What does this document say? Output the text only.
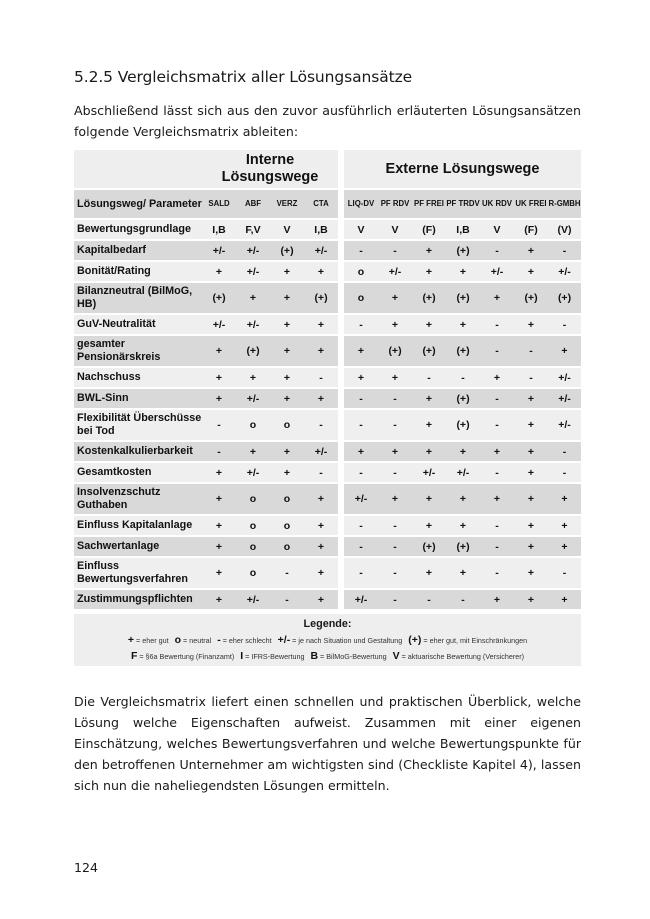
5.2.5 Vergleichsmatrix aller Lösungsansätze

Abschließend lässt sich aus den zuvor ausführlich erläuterten Lösungsansätzen folgende Vergleichsmatrix ableiten:

	Interne Lösungswege					Externe Lösungswege						
Lösungsweg/ Parameter	SALD	ABF	VERZ	CTA		LIQ-DV	PF RDV	PF FREI	PF TRDV	UK RDV	UK FREI	R-GMBH
Bewertungsgrundlage	I,B	F,V	V	I,B		V	V	(F)	I,B	V	(F)	(V)
Kapitalbedarf	+/-	+/-	(+)	+/-		-	-	+	(+)	-	+	-
Bonität/Rating	+	+/-	+	+		o	+/-	+	+	+/-	+	+/-
Bilanzneutral (BilMoG, HB)	(+)	+	+	(+)		o	+	(+)	(+)	+	(+)	(+)
GuV-Neutralität	+/-	+/-	+	+		-	+	+	+	-	+	-
gesamter Pensionärskreis	+	(+)	+	+		+	(+)	(+)	(+)	-	-	+
Nachschuss	+	+	+	-		+	+	-	-	+	-	+/-
BWL-Sinn	+	+/-	+	+		-	-	+	(+)	-	+	+/-
Flexibilität Überschüsse bei Tod	-	o	o	-		-	-	+	(+)	-	+	+/-
Kostenkalkulierbarkeit	-	+	+	+/-		+	+	+	+	+	+	-
Gesamtkosten	+	+/-	+	-		-	-	+/-	+/-	-	+	-
Insolvenzschutz Guthaben	+	o	o	+		+/-	+	+	+	+	+	+
Einfluss Kapitalanlage	+	o	o	+		-	-	+	+	-	+	+
Sachwertanlage	+	o	o	+		-	-	(+)	(+)	-	+	+
Einfluss Bewertungsverfahren	+	o	-	+		-	-	+	+	-	+	-
Zustimmungspflichten	+	+/-	-	+		+/-	-	-	-	+	+	+
Legende:
+ = eher gut   o = neutral   - = eher schlecht   +/- = je nach Situation und Gestaltung   (+) = eher gut, mit Einschränkungen
F = §6a Bewertung (Finanzamt)   I = IFRS-Bewertung   B = BilMoG-Bewertung   V = aktuarische Bewertung (Versicherer)

Die Vergleichsmatrix liefert einen schnellen und praktischen Überblick, welche Lösung welche Eigenschaften aufweist. Zusammen mit einer eigenen Einschätzung, welches Bewertungsverfahren und welche Bewertungspunkte für den betroffenen Unternehmer am wichtigsten sind (Checkliste Kapitel 4), lassen sich nun die naheliegendsten Lösungen ermitteln.

124
